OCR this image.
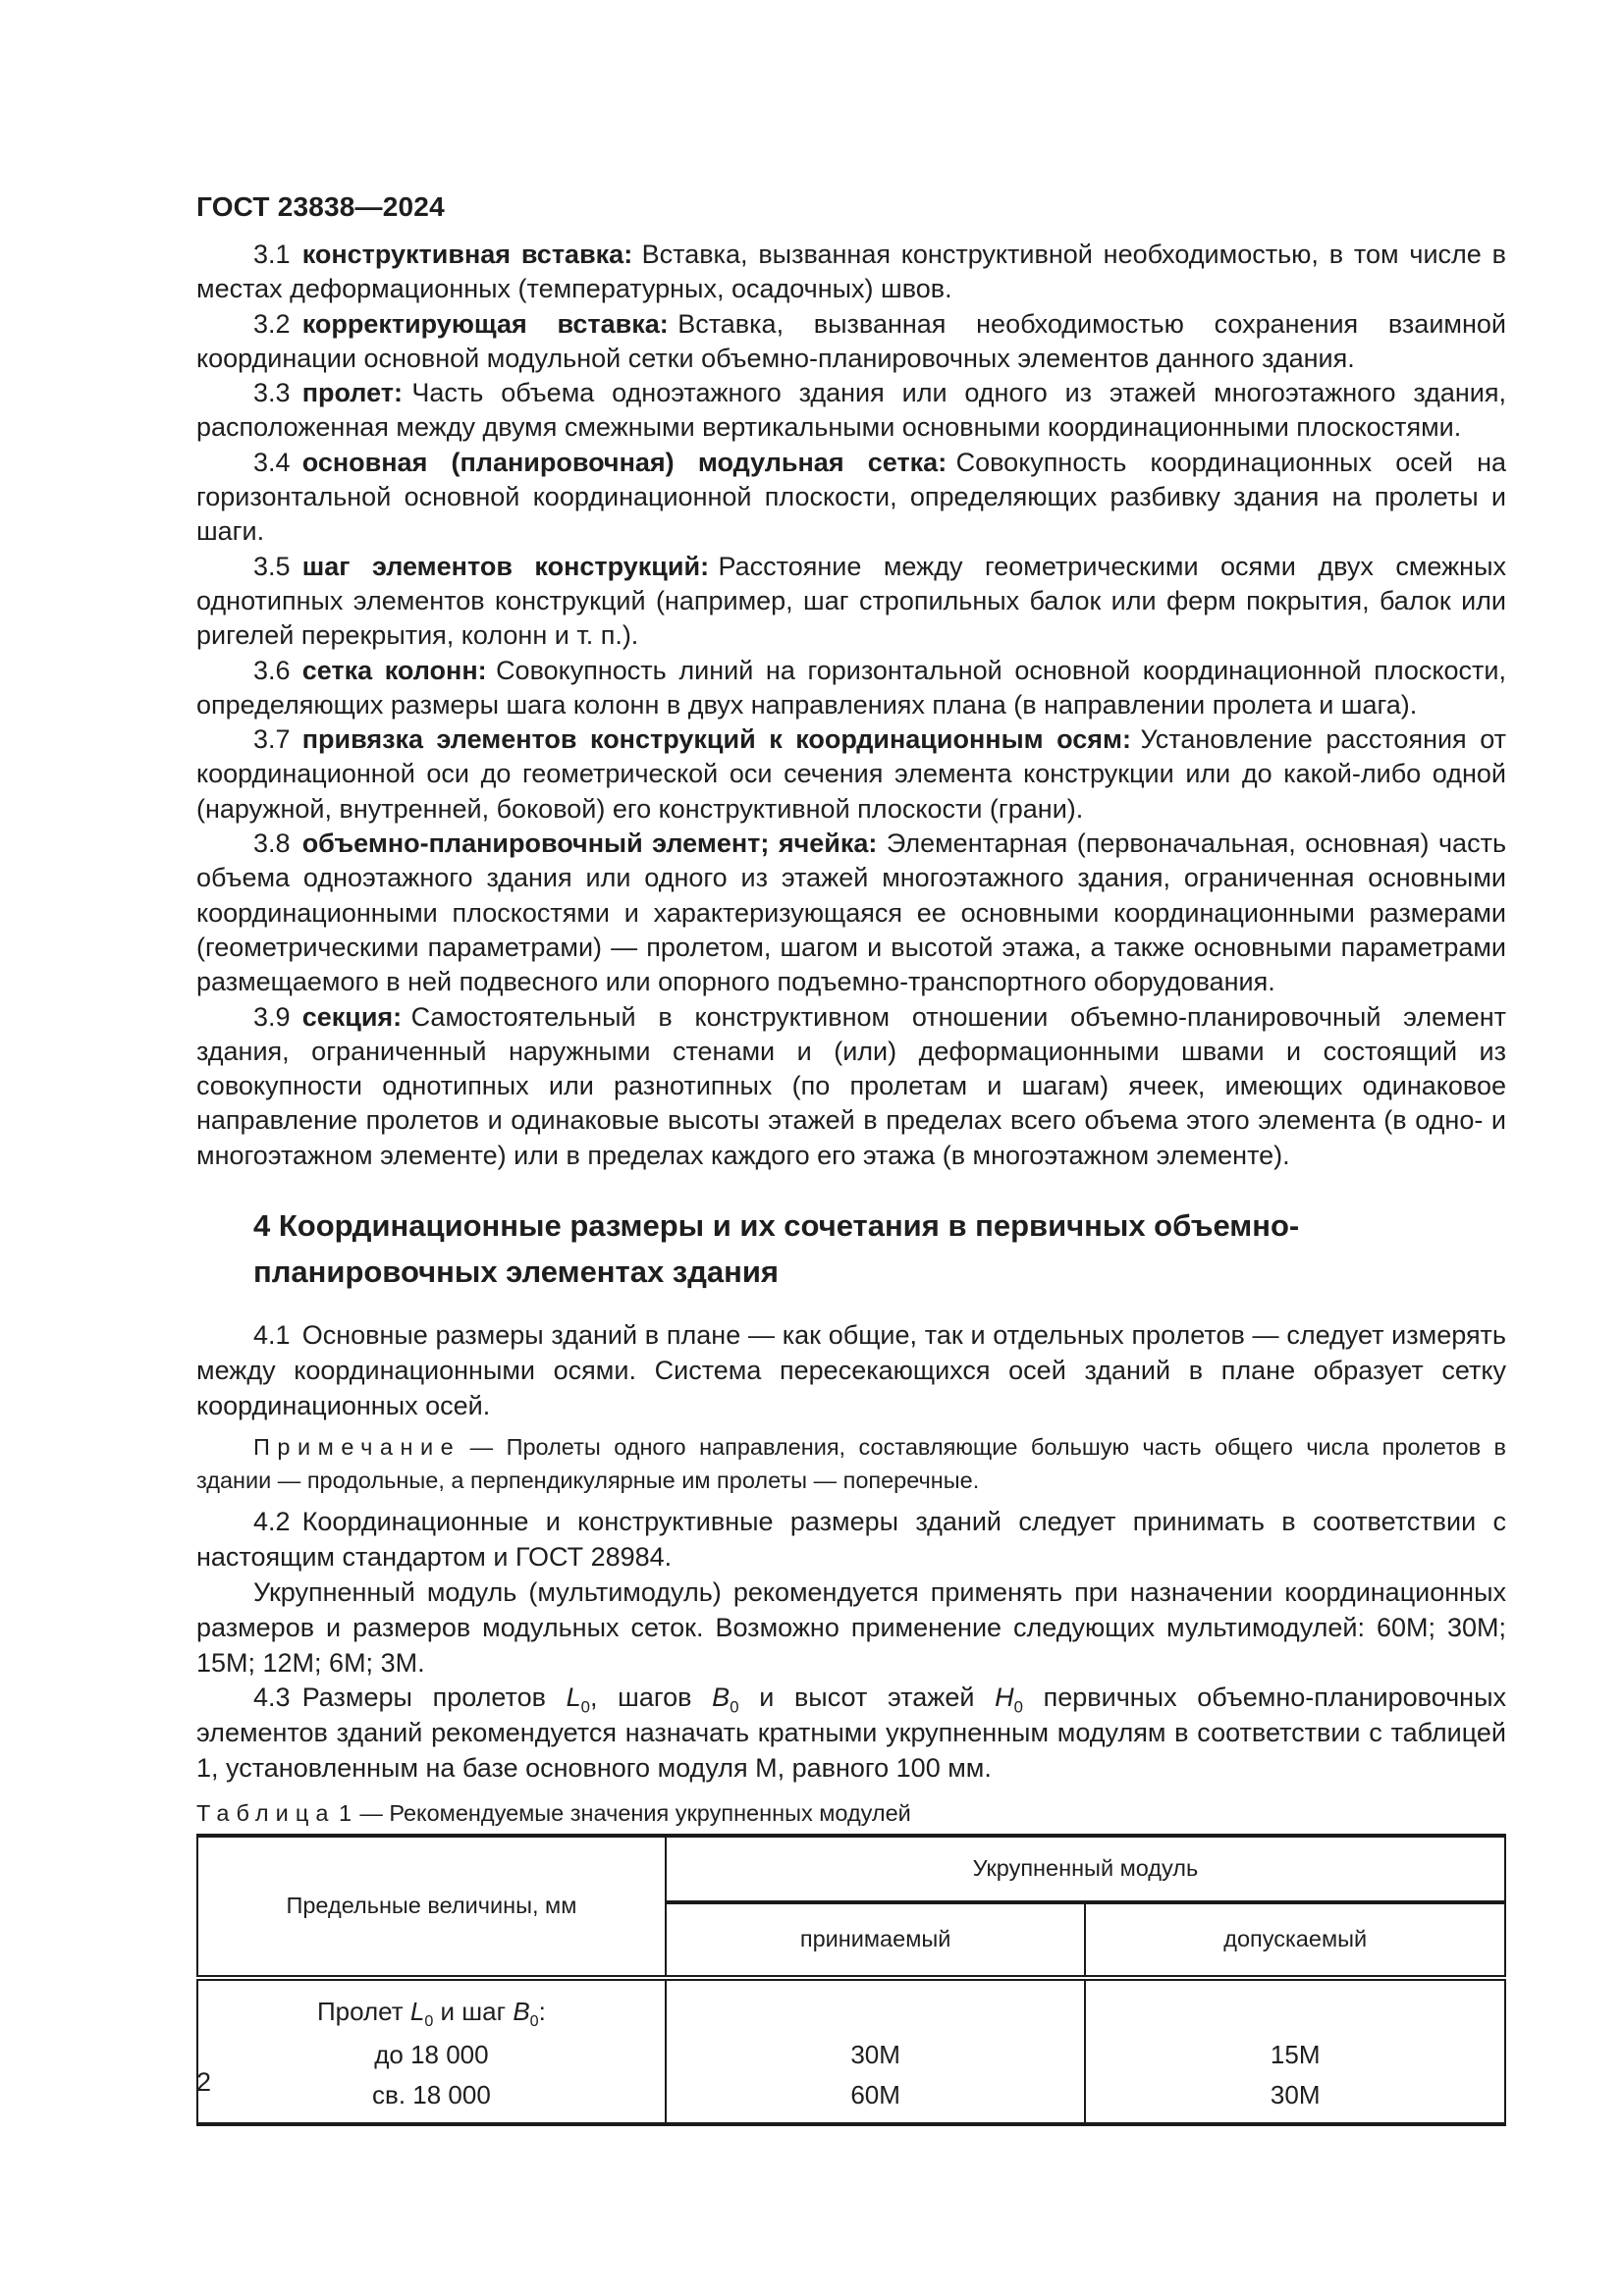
ГОСТ 23838—2024

3.1 конструктивная вставка: Вставка, вызванная конструктивной необходимостью, в том числе в местах деформационных (температурных, осадочных) швов.

3.2 корректирующая вставка: Вставка, вызванная необходимостью сохранения взаимной координации основной модульной сетки объемно-планировочных элементов данного здания.

3.3 пролет: Часть объема одноэтажного здания или одного из этажей многоэтажного здания, расположенная между двумя смежными вертикальными основными координационными плоскостями.

3.4 основная (планировочная) модульная сетка: Совокупность координационных осей на горизонтальной основной координационной плоскости, определяющих разбивку здания на пролеты и шаги.

3.5 шаг элементов конструкций: Расстояние между геометрическими осями двух смежных однотипных элементов конструкций (например, шаг стропильных балок или ферм покрытия, балок или ригелей перекрытия, колонн и т. п.).

3.6 сетка колонн: Совокупность линий на горизонтальной основной координационной плоскости, определяющих размеры шага колонн в двух направлениях плана (в направлении пролета и шага).

3.7 привязка элементов конструкций к координационным осям: Установление расстояния от координационной оси до геометрической оси сечения элемента конструкции или до какой-либо одной (наружной, внутренней, боковой) его конструктивной плоскости (грани).

3.8 объемно-планировочный элемент; ячейка: Элементарная (первоначальная, основная) часть объема одноэтажного здания или одного из этажей многоэтажного здания, ограниченная основными координационными плоскостями и характеризующаяся ее основными координационными размерами (геометрическими параметрами) — пролетом, шагом и высотой этажа, а также основными параметрами размещаемого в ней подвесного или опорного подъемно-транспортного оборудования.

3.9 секция: Самостоятельный в конструктивном отношении объемно-планировочный элемент здания, ограниченный наружными стенами и (или) деформационными швами и состоящий из совокупности однотипных или разнотипных (по пролетам и шагам) ячеек, имеющих одинаковое направление пролетов и одинаковые высоты этажей в пределах всего объема этого элемента (в одно- и многоэтажном элементе) или в пределах каждого его этажа (в многоэтажном элементе).

4 Координационные размеры и их сочетания в первичных объемно-
планировочных элементах здания

4.1 Основные размеры зданий в плане — как общие, так и отдельных пролетов — следует измерять между координационными осями. Система пересекающихся осей зданий в плане образует сетку координационных осей.

Примечание — Пролеты одного направления, составляющие большую часть общего числа пролетов в здании — продольные, а перпендикулярные им пролеты — поперечные.

4.2 Координационные и конструктивные размеры зданий следует принимать в соответствии с настоящим стандартом и ГОСТ 28984.

Укрупненный модуль (мультимодуль) рекомендуется применять при назначении координационных размеров и размеров модульных сеток. Возможно применение следующих мультимодулей: 60М; 30М; 15М; 12М; 6М; 3М.

4.3 Размеры пролетов $L_0$, шагов $B_0$ и высот этажей $H_0$ первичных объемно-планировочных элементов зданий рекомендуется назначать кратными укрупненным модулям в соответствии с таблицей 1, установленным на базе основного модуля М, равного 100 мм.

Таблица 1 — Рекомендуемые значения укрупненных модулей
Предельные величины, мм	Укрупненный модуль	
	принимаемый	допускаемый
Пролет $L_0$ и шаг $B_0$:		
до 18 000	30М	15М
св. 18 000	60М	30М
2
